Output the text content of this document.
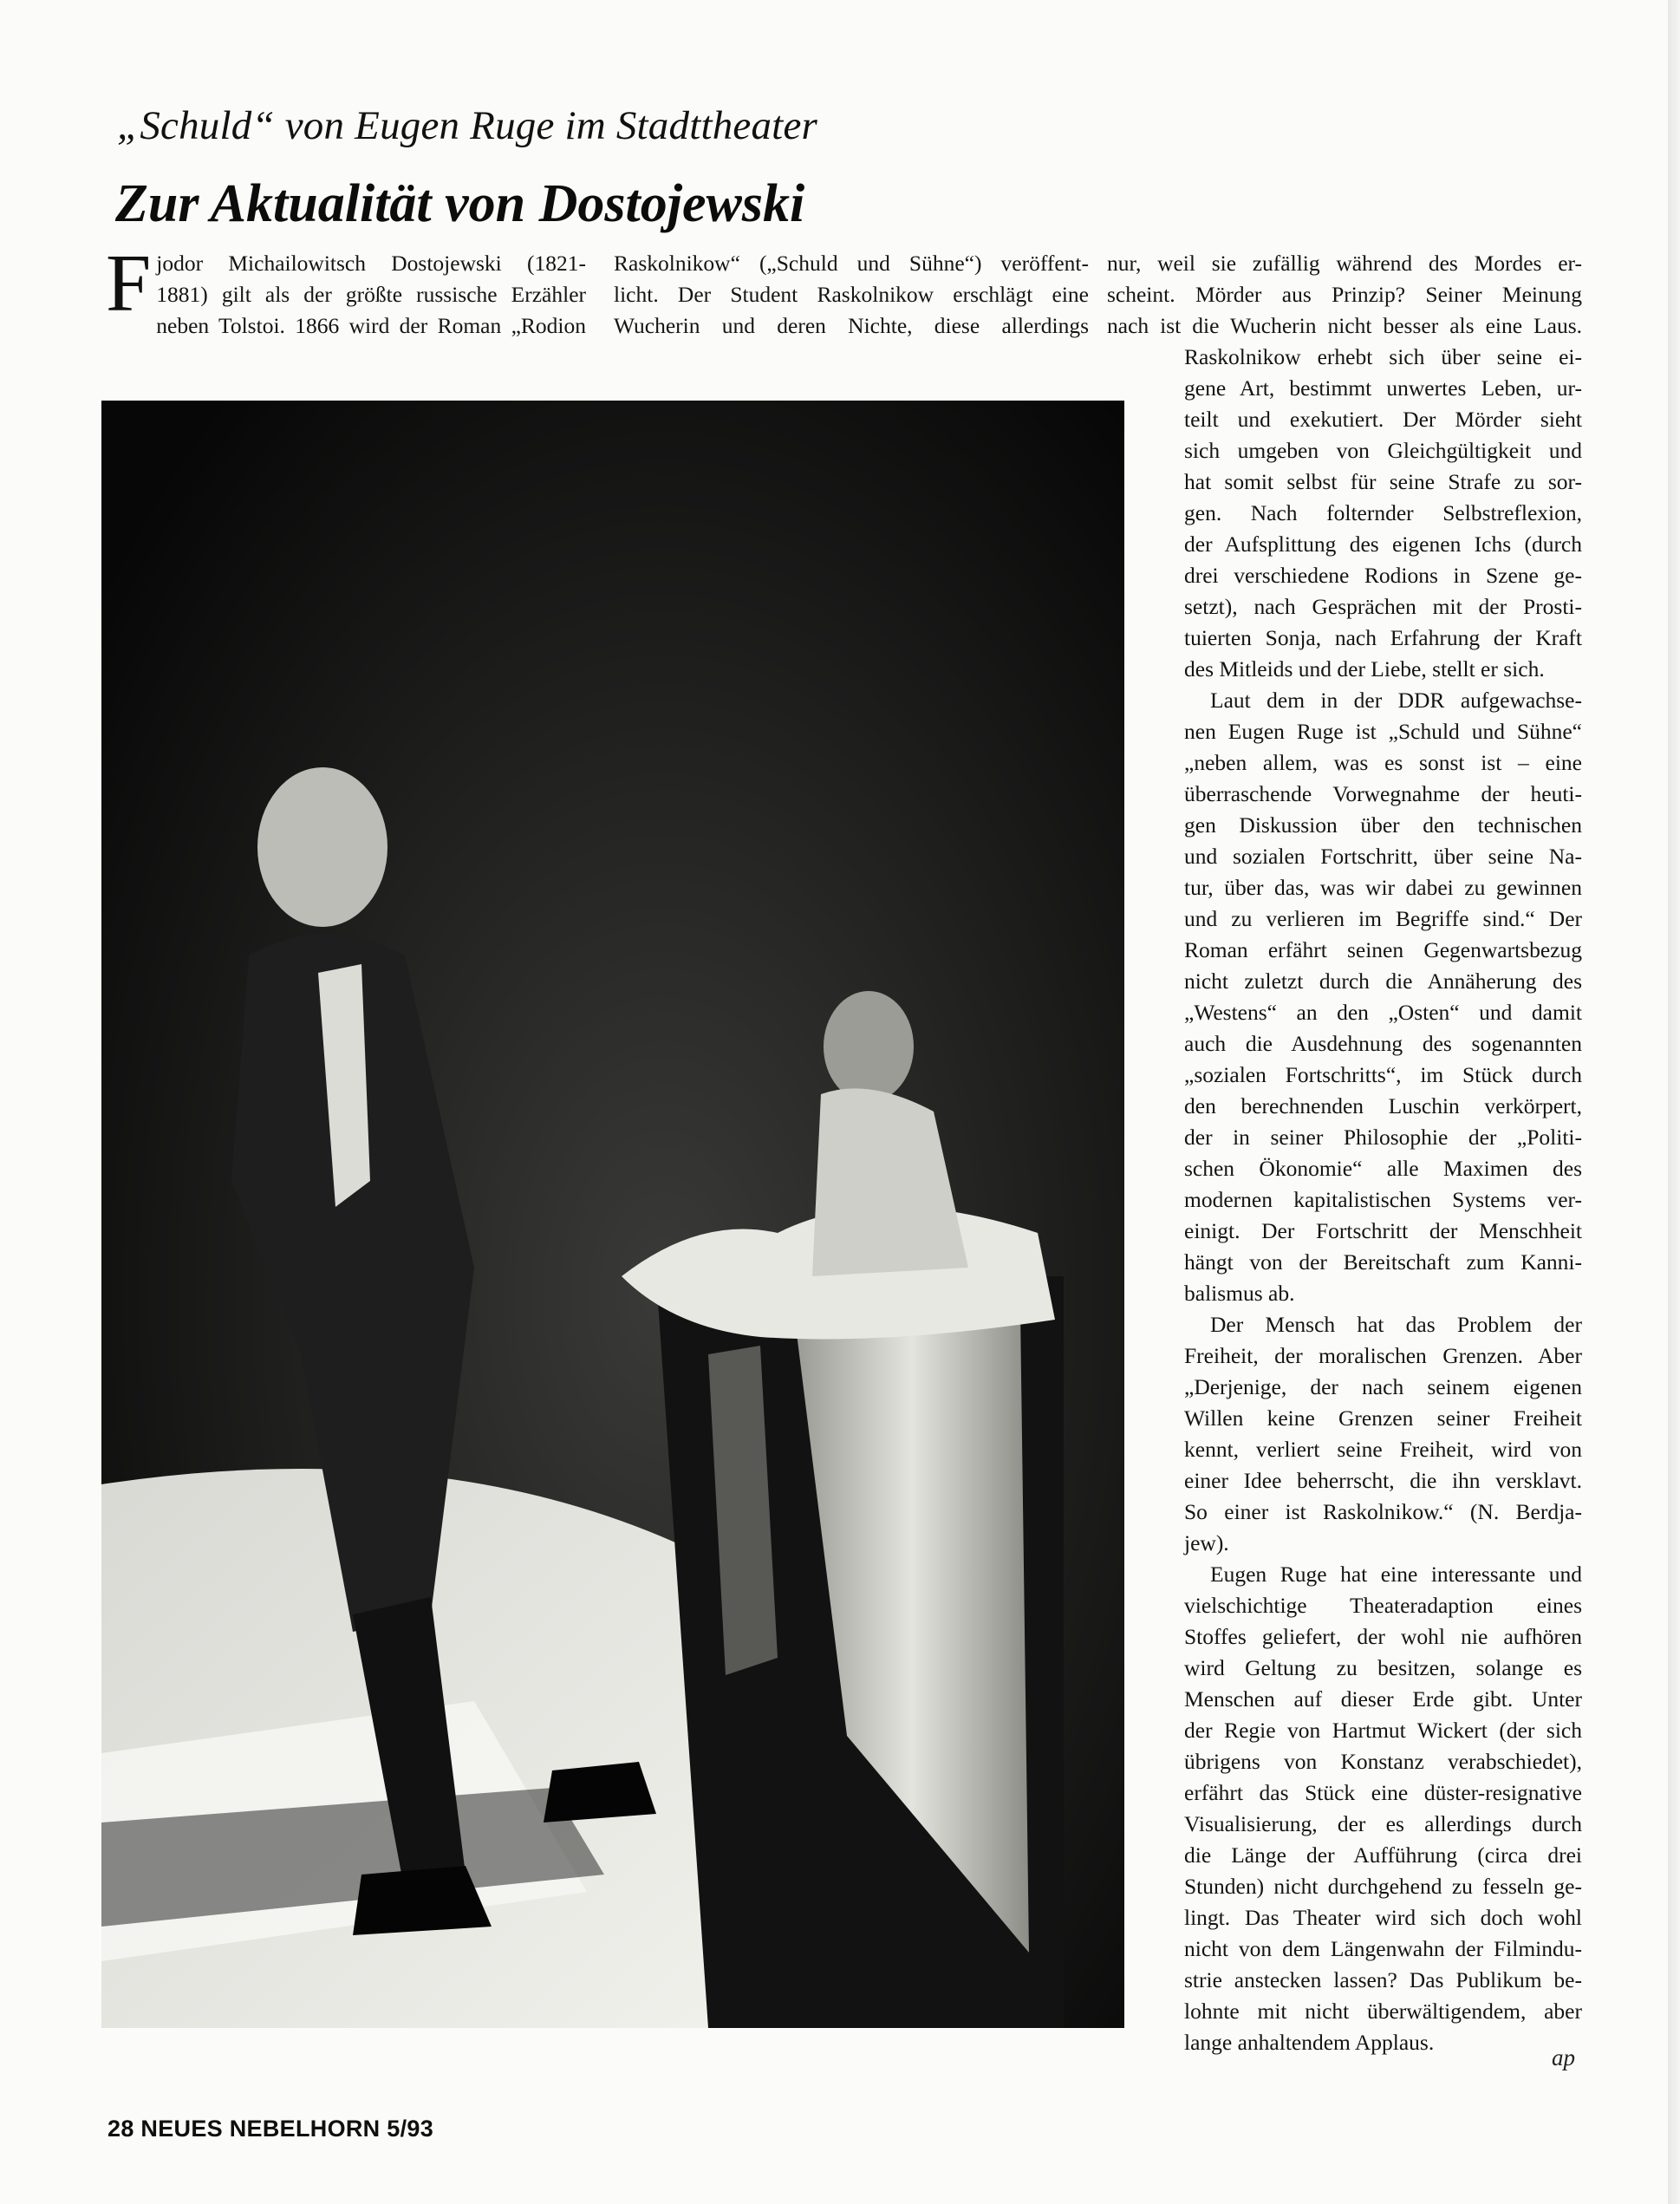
„Schuld“ von Eugen Ruge im Stadttheater
Zur Aktualität von Dostojewski
F jodor Michailowitsch Dostojewski (1821-
1881) gilt als der größte russische Erzähler
neben Tolstoi. 1866 wird der Roman „Rodion
Raskolnikow“ („Schuld und Sühne“) veröffent-
licht. Der Student Raskolnikow erschlägt eine
Wucherin und deren Nichte, diese allerdings
nur, weil sie zufällig während des Mordes er-
scheint. Mörder aus Prinzip? Seiner Meinung
nach ist die Wucherin nicht besser als eine Laus.
Raskolnikow erhebt sich über seine ei-
gene Art, bestimmt unwertes Leben, ur-
teilt und exekutiert. Der Mörder sieht
sich umgeben von Gleichgültigkeit und
hat somit selbst für seine Strafe zu sor-
gen. Nach folternder Selbstreflexion,
der Aufsplittung des eigenen Ichs (durch
drei verschiedene Rodions in Szene ge-
setzt), nach Gesprächen mit der Prosti-
tuierten Sonja, nach Erfahrung der Kraft
des Mitleids und der Liebe, stellt er sich.
Laut dem in der DDR aufgewachse-
nen Eugen Ruge ist „Schuld und Sühne“
„neben allem, was es sonst ist – eine
überraschende Vorwegnahme der heuti-
gen Diskussion über den technischen
und sozialen Fortschritt, über seine Na-
tur, über das, was wir dabei zu gewinnen
und zu verlieren im Begriffe sind.“ Der
Roman erfährt seinen Gegenwartsbezug
nicht zuletzt durch die Annäherung des
„Westens“ an den „Osten“ und damit
auch die Ausdehnung des sogenannten
„sozialen Fortschritts“, im Stück durch
den berechnenden Luschin verkörpert,
der in seiner Philosophie der „Politi-
schen Ökonomie“ alle Maximen des
modernen kapitalistischen Systems ver-
einigt. Der Fortschritt der Menschheit
hängt von der Bereitschaft zum Kanni-
balismus ab.
Der Mensch hat das Problem der
Freiheit, der moralischen Grenzen. Aber
„Derjenige, der nach seinem eigenen
Willen keine Grenzen seiner Freiheit
kennt, verliert seine Freiheit, wird von
einer Idee beherrscht, die ihn versklavt.
So einer ist Raskolnikow.“ (N. Berdja-
jew).
Eugen Ruge hat eine interessante und
vielschichtige Theateradaption eines
Stoffes geliefert, der wohl nie aufhören
wird Geltung zu besitzen, solange es
Menschen auf dieser Erde gibt. Unter
der Regie von Hartmut Wickert (der sich
übrigens von Konstanz verabschiedet),
erfährt das Stück eine düster-resignative
Visualisierung, der es allerdings durch
die Länge der Aufführung (circa drei
Stunden) nicht durchgehend zu fesseln ge-
lingt. Das Theater wird sich doch wohl
nicht von dem Längenwahn der Filmindu-
strie anstecken lassen? Das Publikum be-
lohnte mit nicht überwältigendem, aber
lange anhaltendem Applaus.
ap
28 NEUES NEBELHORN 5/93
